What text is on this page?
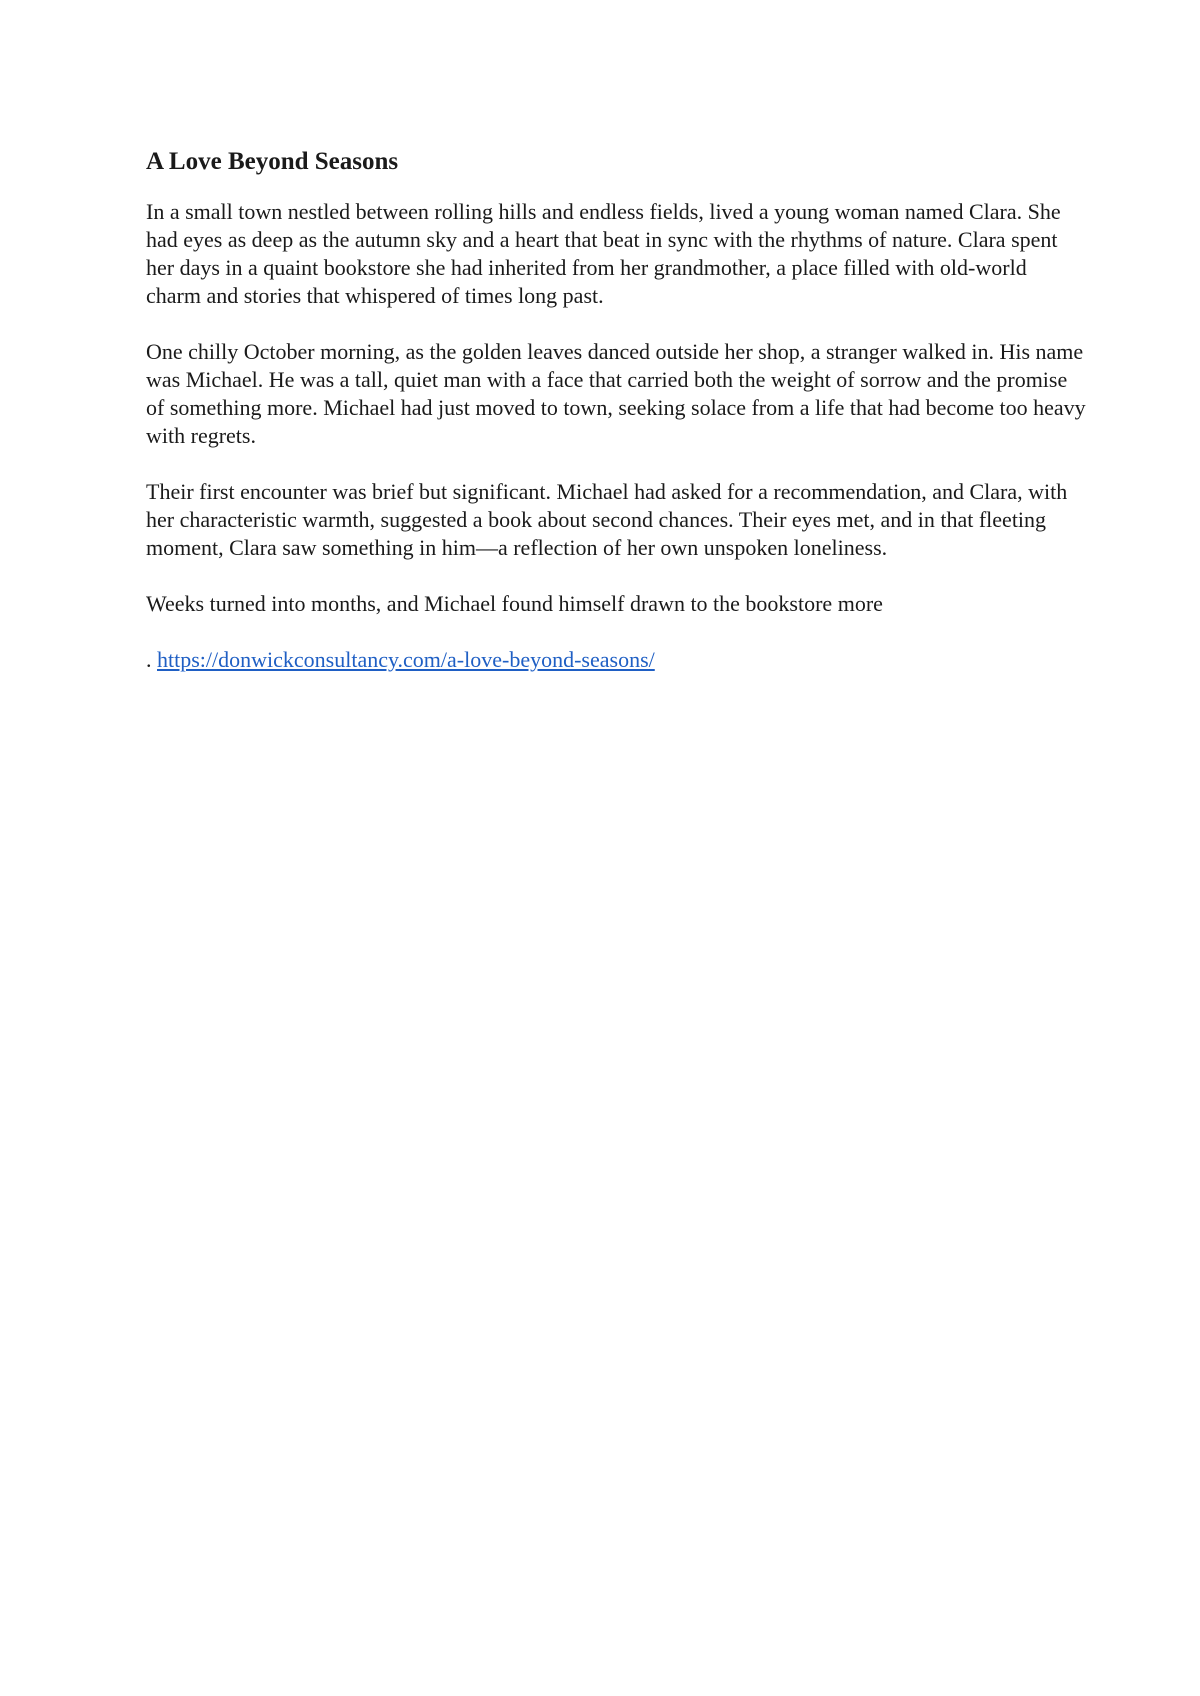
A Love Beyond Seasons

In a small town nestled between rolling hills and endless fields, lived a young woman named Clara. She had eyes as deep as the autumn sky and a heart that beat in sync with the rhythms of nature. Clara spent her days in a quaint bookstore she had inherited from her grandmother, a place filled with old-world charm and stories that whispered of times long past.

One chilly October morning, as the golden leaves danced outside her shop, a stranger walked in. His name was Michael. He was a tall, quiet man with a face that carried both the weight of sorrow and the promise of something more. Michael had just moved to town, seeking solace from a life that had become too heavy with regrets.

Their first encounter was brief but significant. Michael had asked for a recommendation, and Clara, with her characteristic warmth, suggested a book about second chances. Their eyes met, and in that fleeting moment, Clara saw something in him—a reflection of her own unspoken loneliness.

Weeks turned into months, and Michael found himself drawn to the bookstore more

. https://donwickconsultancy.com/a-love-beyond-seasons/
